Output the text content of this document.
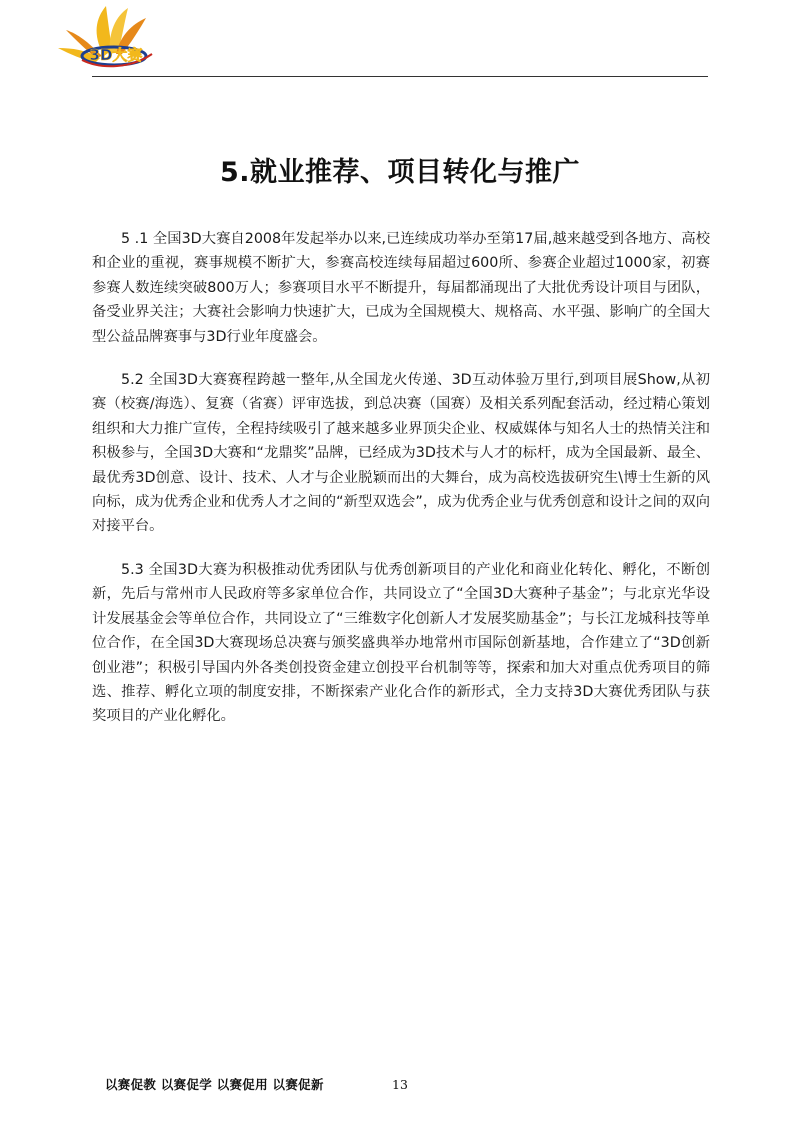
3D大赛
5.就业推荐、项目转化与推广

5 .1 全国3D大赛自2008年发起举办以来,已连续成功举办至第17届,越来越受到各地方、高校和企业的重视，赛事规模不断扩大，参赛高校连续每届超过600所、参赛企业超过1000家，初赛参赛人数连续突破800万人；参赛项目水平不断提升，每届都涌现出了大批优秀设计项目与团队，备受业界关注；大赛社会影响力快速扩大，已成为全国规模大、规格高、水平强、影响广的全国大型公益品牌赛事与3D行业年度盛会。

5.2 全国3D大赛赛程跨越一整年,从全国龙火传递、3D互动体验万里行,到项目展Show,从初赛（校赛/海选）、复赛（省赛）评审选拔，到总决赛（国赛）及相关系列配套活动，经过精心策划组织和大力推广宣传，全程持续吸引了越来越多业界顶尖企业、权威媒体与知名人士的热情关注和积极参与，全国3D大赛和“龙鼎奖”品牌，已经成为3D技术与人才的标杆，成为全国最新、最全、最优秀3D创意、设计、技术、人才与企业脱颖而出的大舞台，成为高校选拔研究生\博士生新的风向标，成为优秀企业和优秀人才之间的“新型双选会”，成为优秀企业与优秀创意和设计之间的双向对接平台。

5.3 全国3D大赛为积极推动优秀团队与优秀创新项目的产业化和商业化转化、孵化，不断创新，先后与常州市人民政府等多家单位合作，共同设立了“全国3D大赛种子基金”；与北京光华设计发展基金会等单位合作，共同设立了“三维数字化创新人才发展奖励基金”；与长江龙城科技等单位合作，在全国3D大赛现场总决赛与颁奖盛典举办地常州市国际创新基地，合作建立了“3D创新创业港”；积极引导国内外各类创投资金建立创投平台机制等等，探索和加大对重点优秀项目的筛选、推荐、孵化立项的制度安排，不断探索产业化合作的新形式，全力支持3D大赛优秀团队与获奖项目的产业化孵化。

以赛促教 以赛促学 以赛促用 以赛促新	13
